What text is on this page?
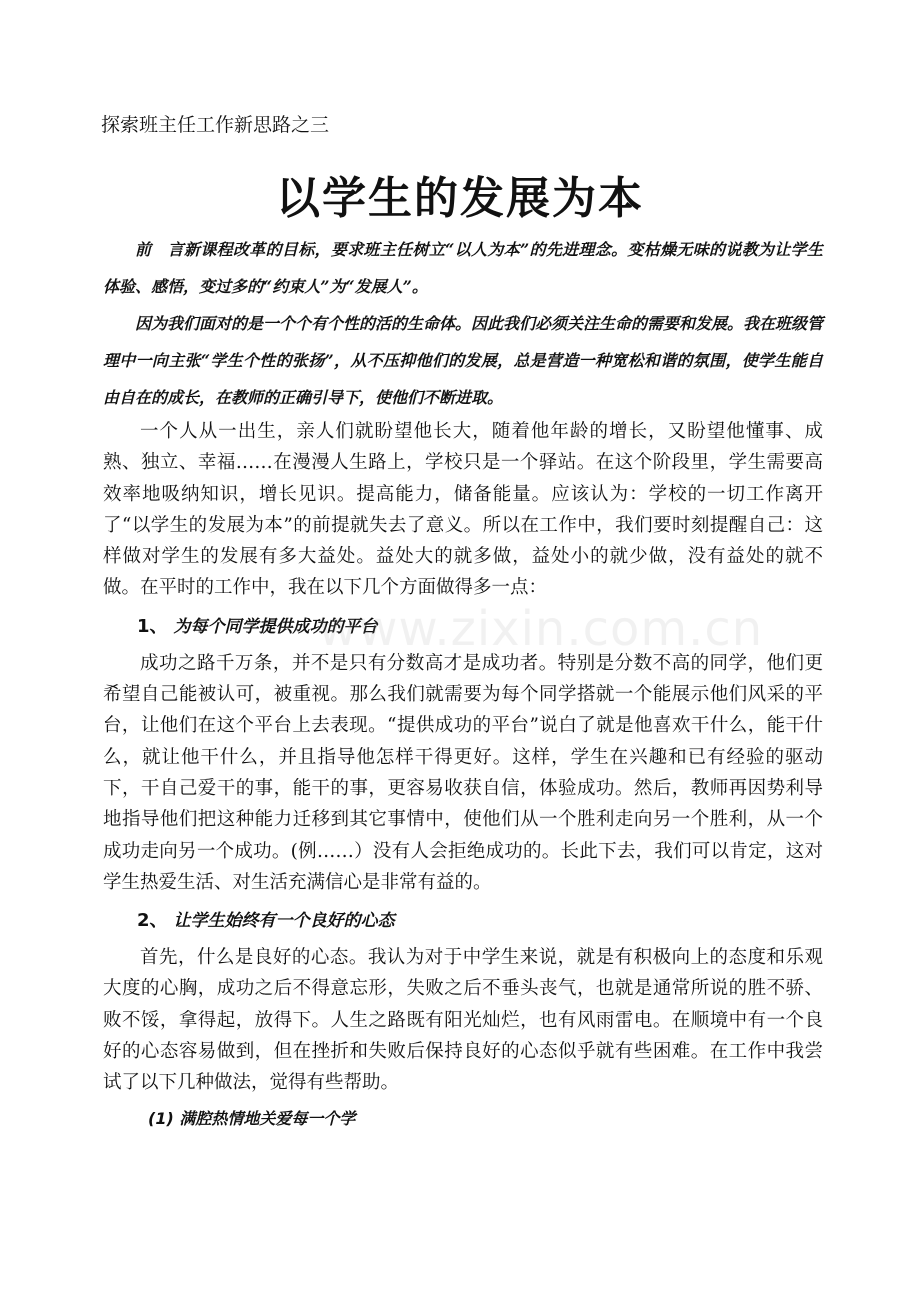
探索班主任工作新思路之三
以学生的发展为本

前　言新课程改革的目标，要求班主任树立“以人为本”的先进理念。变枯燥无味的说教为让学生体验、感悟，变过多的“约束人”为“发展人”。

因为我们面对的是一个个有个性的活的生命体。因此我们必须关注生命的需要和发展。我在班级管理中一向主张“学生个性的张扬”，从不压抑他们的发展，总是营造一种宽松和谐的氛围，使学生能自由自在的成长，在教师的正确引导下，使他们不断进取。

一个人从一出生，亲人们就盼望他长大，随着他年龄的增长，又盼望他懂事、成熟、独立、幸福……在漫漫人生路上，学校只是一个驿站。在这个阶段里，学生需要高效率地吸纳知识，增长见识。提高能力，储备能量。应该认为：学校的一切工作离开了“以学生的发展为本”的前提就失去了意义。所以在工作中，我们要时刻提醒自己：这样做对学生的发展有多大益处。益处大的就多做，益处小的就少做，没有益处的就不做。在平时的工作中，我在以下几个方面做得多一点：

1、 为每个同学提供成功的平台

成功之路千万条，并不是只有分数高才是成功者。特别是分数不高的同学，他们更希望自己能被认可，被重视。那么我们就需要为每个同学搭就一个能展示他们风采的平台，让他们在这个平台上去表现。“提供成功的平台”说白了就是他喜欢干什么，能干什么，就让他干什么，并且指导他怎样干得更好。这样，学生在兴趣和已有经验的驱动下，干自己爱干的事，能干的事，更容易收获自信，体验成功。然后，教师再因势利导地指导他们把这种能力迁移到其它事情中，使他们从一个胜利走向另一个胜利，从一个成功走向另一个成功。(例……）没有人会拒绝成功的。长此下去，我们可以肯定，这对学生热爱生活、对生活充满信心是非常有益的。

2、 让学生始终有一个良好的心态

首先，什么是良好的心态。我认为对于中学生来说，就是有积极向上的态度和乐观大度的心胸，成功之后不得意忘形，失败之后不垂头丧气，也就是通常所说的胜不骄、败不馁，拿得起，放得下。人生之路既有阳光灿烂，也有风雨雷电。在顺境中有一个良好的心态容易做到，但在挫折和失败后保持良好的心态似乎就有些困难。在工作中我尝试了以下几种做法，觉得有些帮助。

(1) 满腔热情地关爱每一个学
www.zixin.com.cn
